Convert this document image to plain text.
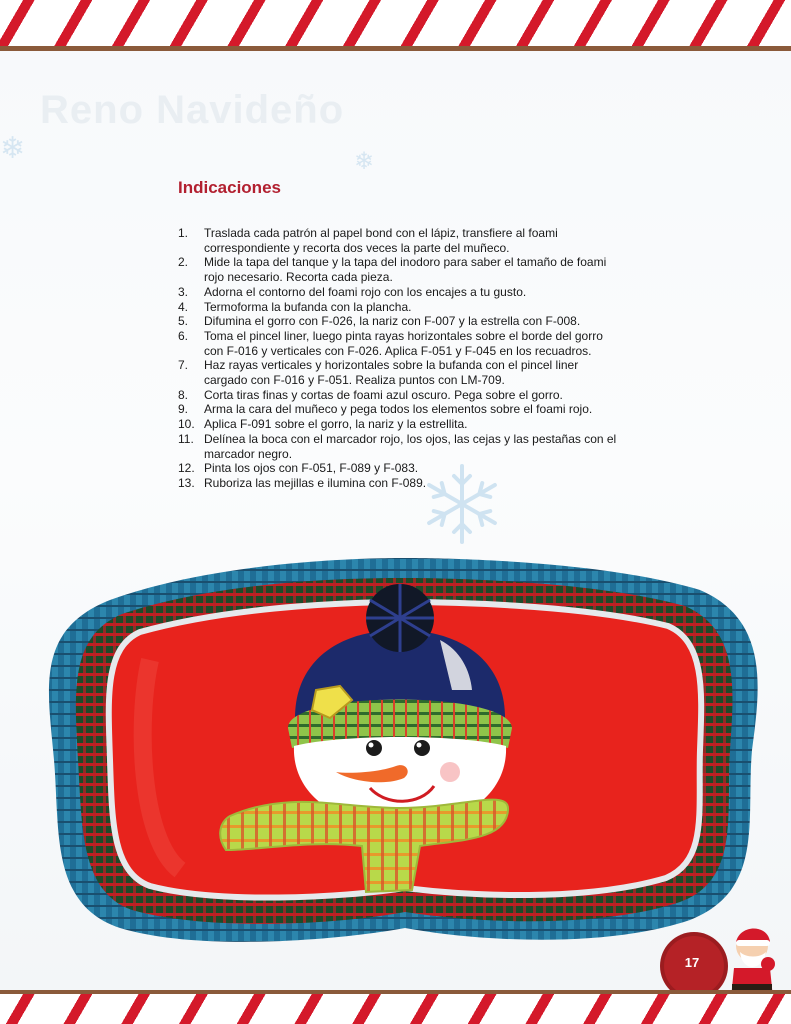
❄
❄
Reno Navideño
Indicaciones
1.	Traslada cada patrón al papel bond con el lápiz, transfiere al foami correspondiente y recorta dos veces la parte del muñeco.
2.	Mide la tapa del tanque y la tapa del inodoro para saber el tamaño de foami rojo necesario. Recorta cada pieza.
3.	Adorna el contorno del foami rojo con los encajes a tu gusto.
4.	Termoforma la bufanda con la plancha.
5.	Difumina el gorro con F-026, la nariz con F-007 y la estrella con F-008.
6.	Toma el pincel liner, luego pinta rayas horizontales sobre el borde del gorro con F-016 y verticales con F-026. Aplica F-051 y F-045 en los recuadros.
7.	Haz rayas verticales y horizontales sobre la bufanda con el pincel liner cargado con F-016 y F-051. Realiza puntos con LM-709.
8.	Corta tiras finas y cortas de foami azul oscuro. Pega sobre el gorro.
9.	Arma la cara del muñeco y pega todos los elementos sobre el foami rojo.
10. Aplica F-091 sobre el gorro, la nariz y la estrellita.
11. Delínea la boca con el marcador rojo, los ojos, las cejas y las pestañas con el marcador negro.
12. Pinta los ojos con F-051, F-089 y F-083.
13. Ruboriza las mejillas e ilumina con F-089.
17
